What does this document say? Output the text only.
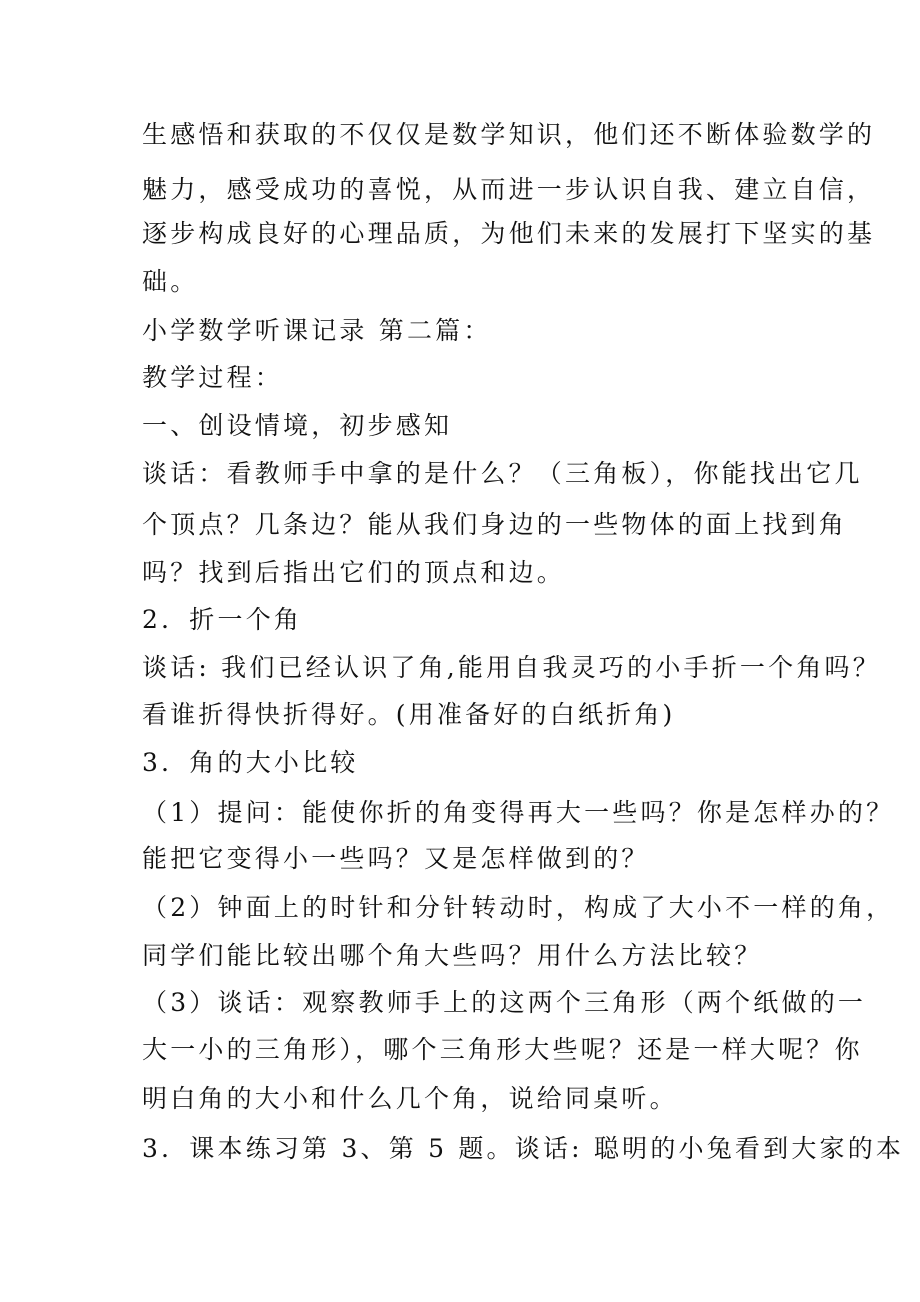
生感悟和获取的不仅仅是数学知识，他们还不断体验数学的
魅力，感受成功的喜悦，从而进一步认识自我、建立自信，
逐步构成良好的心理品质，为他们未来的发展打下坚实的基
础。
小学数学听课记录 第二篇：
教学过程：
一、创设情境，初步感知
谈话：看教师手中拿的是什么？（三角板），你能找出它几
个顶点？几条边？能从我们身边的一些物体的面上找到角
吗？找到后指出它们的顶点和边。
2．折一个角
谈话: 我们已经认识了角,能用自我灵巧的小手折一个角吗？
看谁折得快折得好。(用准备好的白纸折角)
3．角的大小比较
（1）提问：能使你折的角变得再大一些吗？你是怎样办的？
能把它变得小一些吗？又是怎样做到的？
（2）钟面上的时针和分针转动时，构成了大小不一样的角，
同学们能比较出哪个角大些吗？用什么方法比较？
（3）谈话：观察教师手上的这两个三角形（两个纸做的一
大一小的三角形），哪个三角形大些呢？还是一样大呢？你
明白角的大小和什么几个角，说给同桌听。
3．课本练习第 3、第 5 题。谈话: 聪明的小兔看到大家的本
